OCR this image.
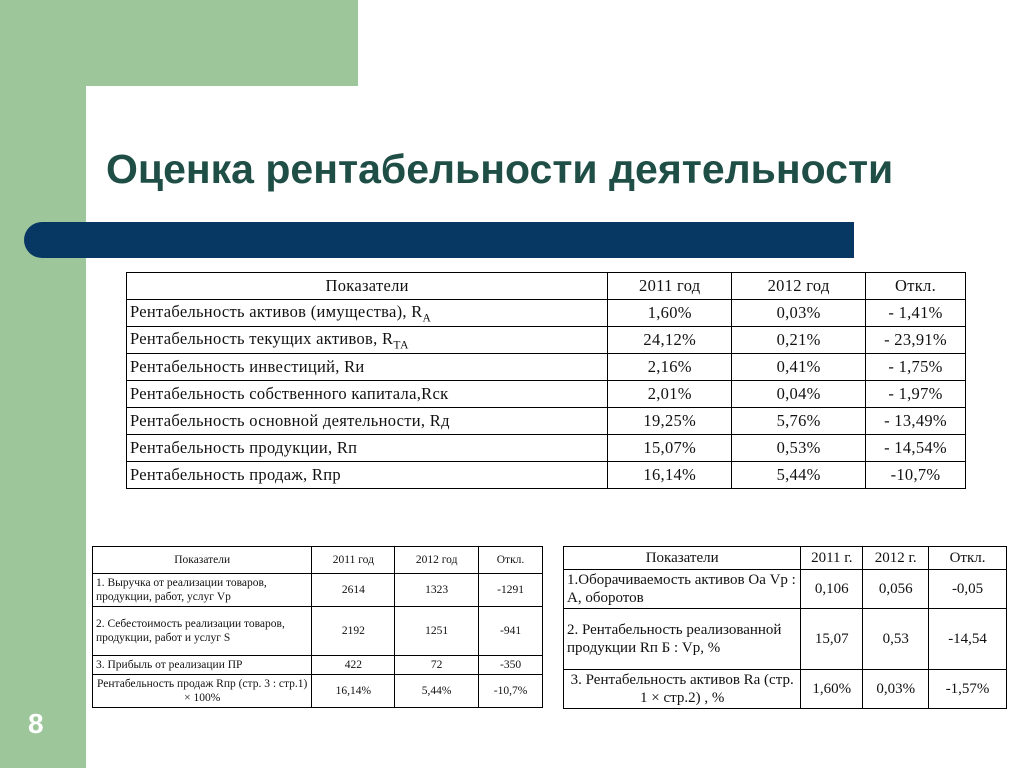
8
Оценка рентабельности деятельности
Показатели	2011 год	2012 год	Откл.
Рентабельность активов (имущества), $R_А$	1,60%	0,03%	- 1,41%
Рентабельность текущих активов, $R_{ТА}$	24,12%	0,21%	- 23,91%
Рентабельность инвестиций, Rи	2,16%	0,41%	- 1,75%
Рентабельность собственного капитала,Rск	2,01%	0,04%	- 1,97%
Рентабельность основной деятельности, Rд	19,25%	5,76%	- 13,49%
Рентабельность продукции, Rп	15,07%	0,53%	- 14,54%
Рентабельность продаж, Rпр	16,14%	5,44%	-10,7%
Показатели	2011 год	2012 год	Откл.
1. Выручка от реализации товаров, продукции, работ, услуг Vp	2614	1323	-1291
2. Себестоимость реализации товаров, продукции, работ и услуг S	2192	1251	-941
3. Прибыль от реализации ПР	422	72	-350
Рентабельность продаж Rпр (стр. 3 : стр.1) × 100%	16,14%	5,44%	-10,7%
Показатели	2011 г.	2012 г.	Откл.
1.Оборачиваемость активов Оа Vp : А, оборотов	0,106	0,056	-0,05
2. Рентабельность реализованной продукции Rп Б : Vp, %	15,07	0,53	-14,54
3. Рентабельность активов Ra (стр. 1 × стр.2) , %	1,60%	0,03%	-1,57%
